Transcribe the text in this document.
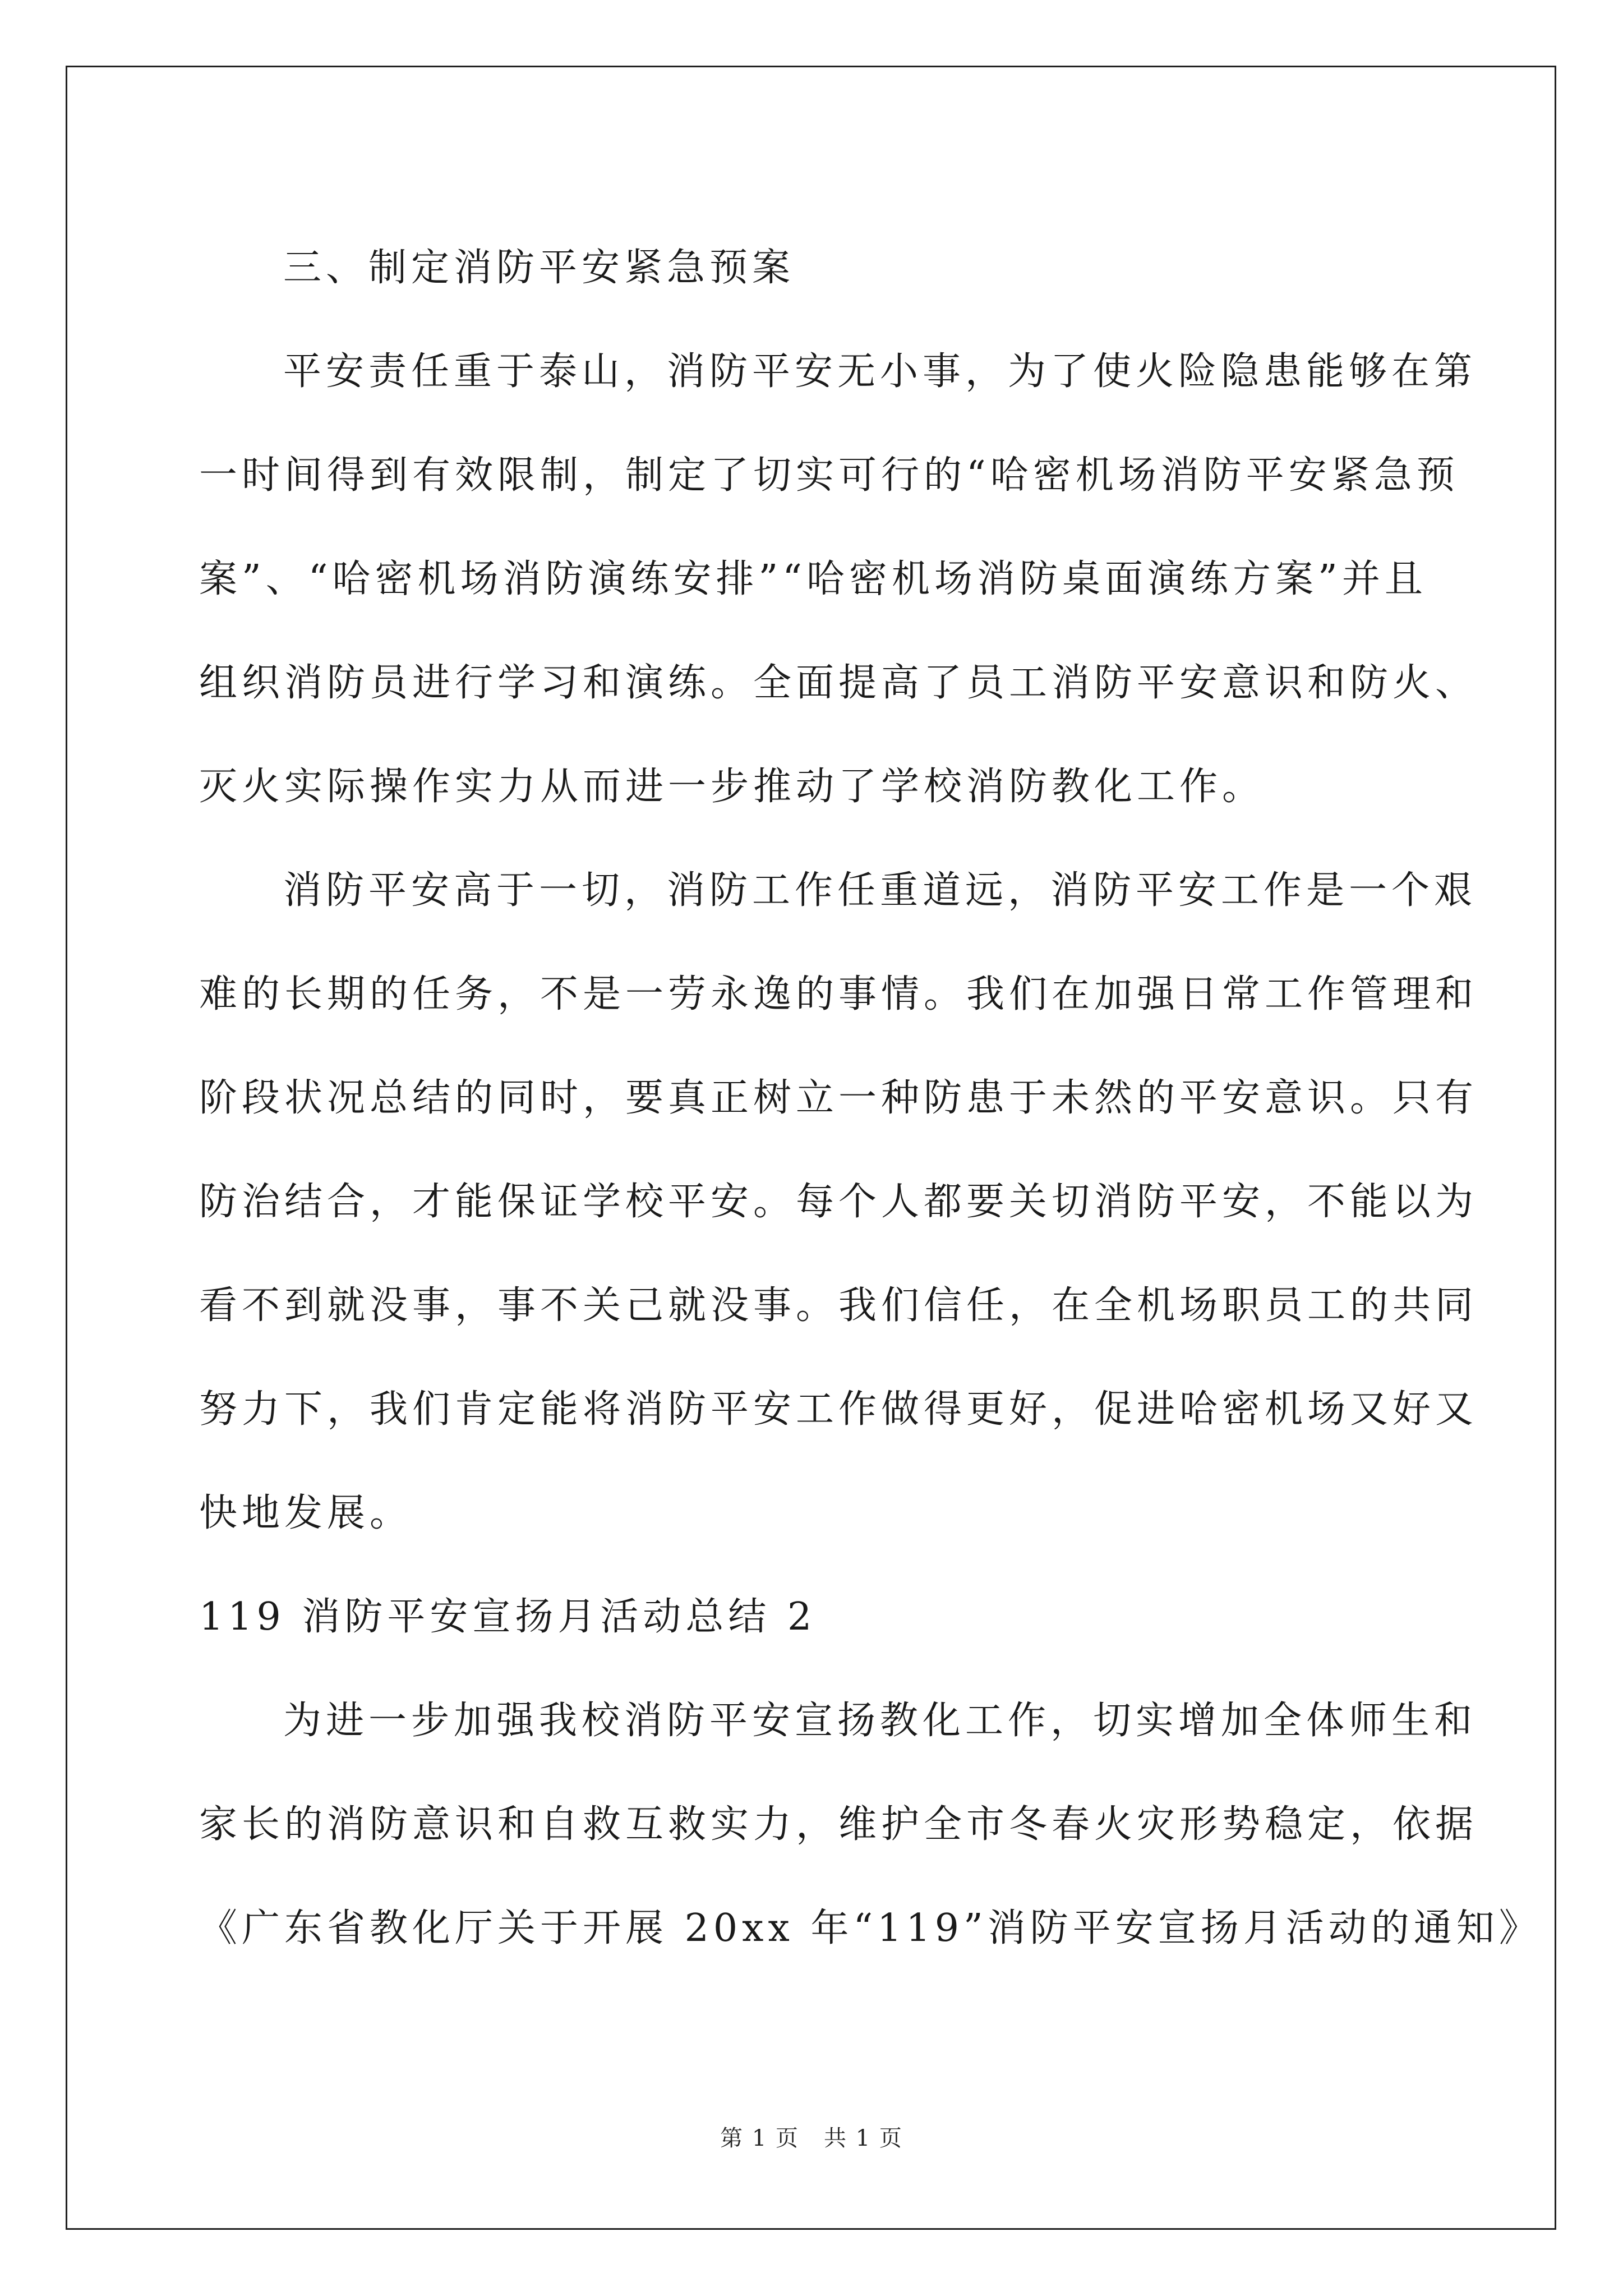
三、制定消防平安紧急预案
平安责任重于泰山，消防平安无小事，为了使火险隐患能够在第
一时间得到有效限制，制定了切实可行的“哈密机场消防平安紧急预
案”、“哈密机场消防演练安排”“哈密机场消防桌面演练方案”并且
组织消防员进行学习和演练。全面提高了员工消防平安意识和防火、
灭火实际操作实力从而进一步推动了学校消防教化工作。
消防平安高于一切，消防工作任重道远，消防平安工作是一个艰
难的长期的任务，不是一劳永逸的事情。我们在加强日常工作管理和
阶段状况总结的同时，要真正树立一种防患于未然的平安意识。只有
防治结合，才能保证学校平安。每个人都要关切消防平安，不能以为
看不到就没事，事不关己就没事。我们信任，在全机场职员工的共同
努力下，我们肯定能将消防平安工作做得更好，促进哈密机场又好又
快地发展。
119 消防平安宣扬月活动总结 2
为进一步加强我校消防平安宣扬教化工作，切实增加全体师生和
家长的消防意识和自救互救实力，维护全市冬春火灾形势稳定，依据
《广东省教化厅关于开展 20xx 年“119”消防平安宣扬月活动的通知》
第 1 页 共 1 页
